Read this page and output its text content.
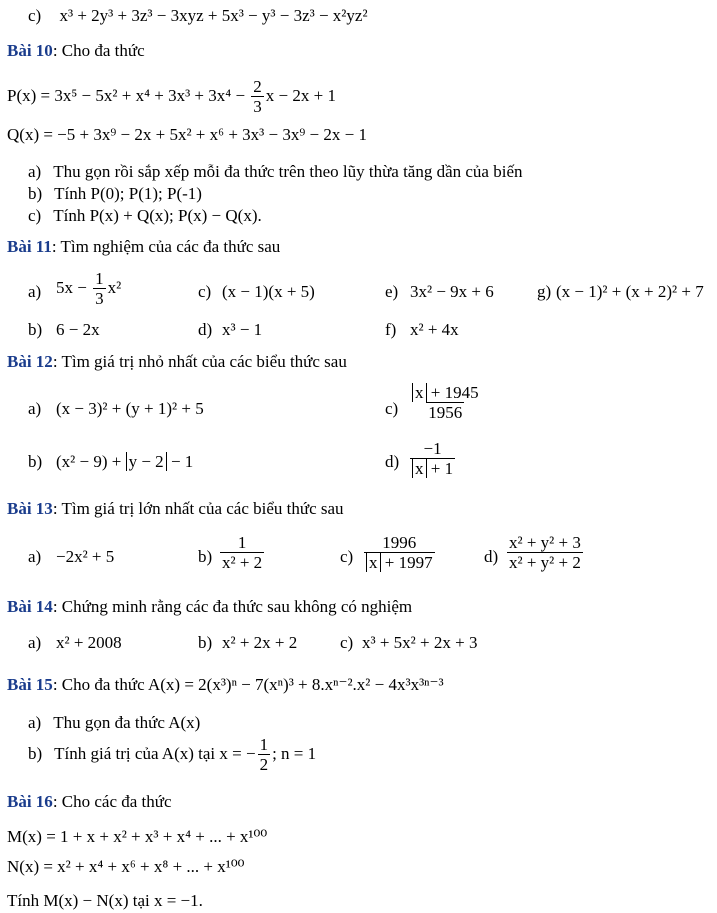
c) x³ + 2y³ + 3z³ − 3xyz + 5x³ − y³ − 3z³ − x²yz²
Bài 10: Cho đa thức
$P(x) = 3x^5 - 5x^2 + x^4 + 3x^3 + 3x^4 - \frac{2}{3}$ x − 2x + 1
Q(x) = −5 + 3x⁹ − 2x + 5x² + x⁶ + 3x³ − 3x⁹ − 2x − 1
a) Thu gọn rồi sắp xếp mỗi đa thức trên theo lũy thừa tăng dần của biến
b) Tính P(0); P(1); P(-1)
c) Tính P(x) + Q(x); P(x) − Q(x).
Bài 11: Tìm nghiệm của các đa thức sau
a) $5x - \frac{1}{3} x^2$	c) (x − 1)(x + 5)	e) 3x² − 9x + 6	g) (x − 1)² + (x + 2)² + 7
b) 6 − 2x	d) x³ − 1	f) x² + 4x
Bài 12: Tìm giá trị nhỏ nhất của các biểu thức sau
a) (x − 3)² + (y + 1)² + 5	$c) \frac{x + 1945}{1956}$
b) (x² − 9) + y − 2 − 1	$d) \frac{-1}{x + 1}$
Bài 13: Tìm giá trị lớn nhất của các biểu thức sau
a) −2x² + 5	$b) \frac{1}{\text{x² + 2}}$	$c) \frac{1996}{x + 1997}$	$d) \frac{\text{x² + y² + 3}}{\text{x² + y² + 2}}$
Bài 14: Chứng minh rằng các đa thức sau không có nghiệm
a) x² + 2008	b) x² + 2x + 2	c) x³ + 5x² + 2x + 3
Bài 15: Cho đa thức A(x) = 2(x³)ⁿ − 7(xⁿ)³ + 8.xⁿ⁻².x² − 4x³x³ⁿ⁻³
a) Thu gọn đa thức A(x)
b) Tính giá trị của A(x) tại x = − $\frac{1}{2}$ ; n = 1
Bài 16: Cho các đa thức
M(x) = 1 + x + x² + x³ + x⁴ + ... + x¹⁰⁰
N(x) = x² + x⁴ + x⁶ + x⁸ + ... + x¹⁰⁰
Tính M(x) − N(x) tại x = −1.
